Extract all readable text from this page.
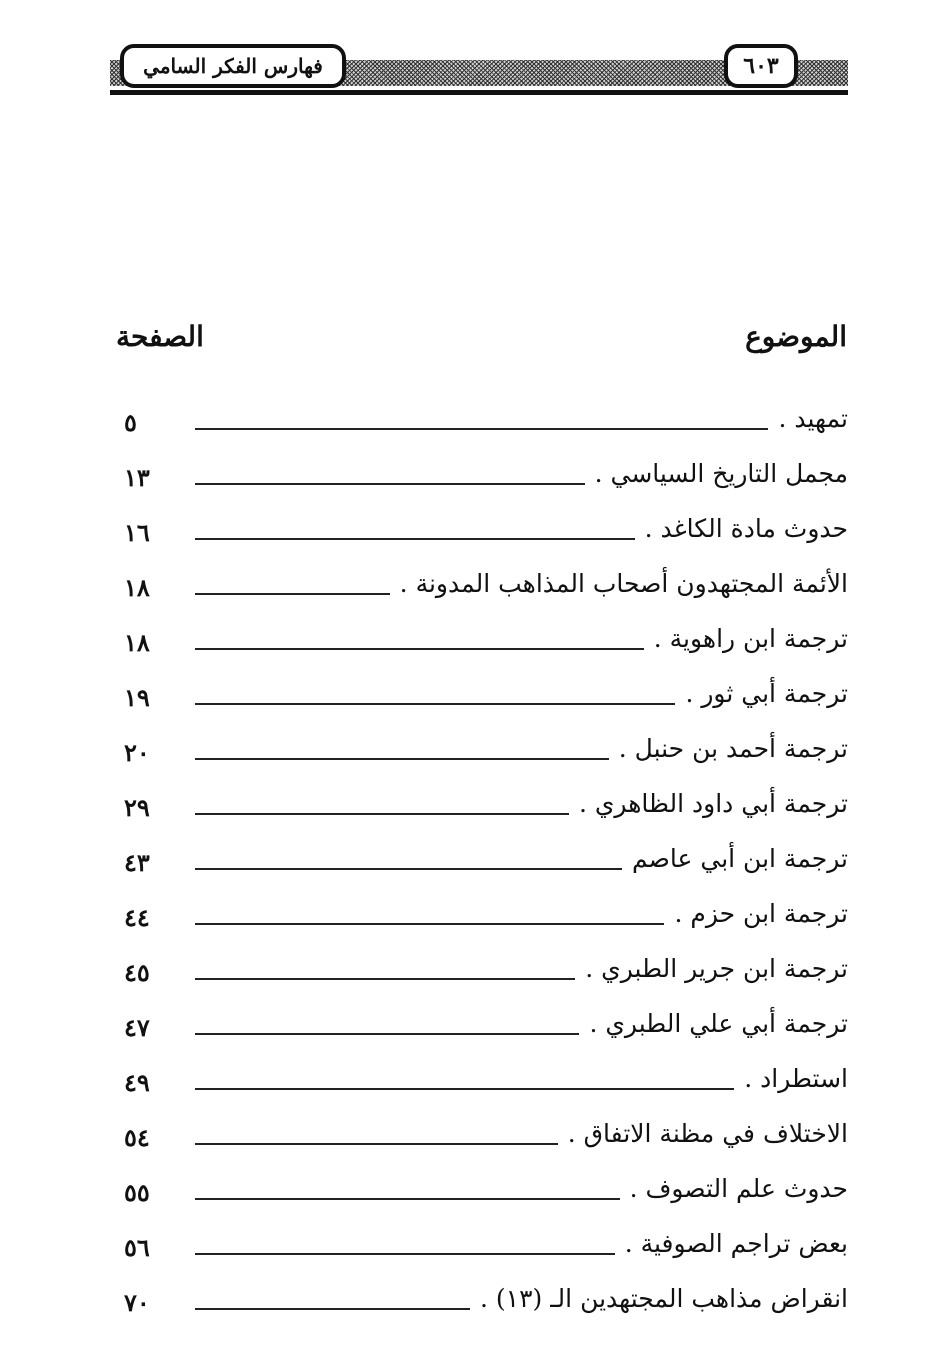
فهارس الفكر السامي	٦٠٣
الموضوع
الصفحة
تمهيد .
٥
مجمل التاريخ السياسي .
١٣
حدوث مادة الكاغد .
١٦
الأئمة المجتهدون أصحاب المذاهب المدونة .
١٨
ترجمة ابن راهوية .
١٨
ترجمة أبي ثور .
١٩
ترجمة أحمد بن حنبل .
٢٠
ترجمة أبي داود الظاهري .
٢٩
ترجمة ابن أبي عاصم
٤٣
ترجمة ابن حزم .
٤٤
ترجمة ابن جرير الطبري .
٤٥
ترجمة أبي علي الطبري .
٤٧
استطراد .
٤٩
الاختلاف في مظنة الاتفاق .
٥٤
حدوث علم التصوف .
٥٥
بعض تراجم الصوفية .
٥٦
انقراض مذاهب المجتهدين الـ (١٣) .
٧٠
